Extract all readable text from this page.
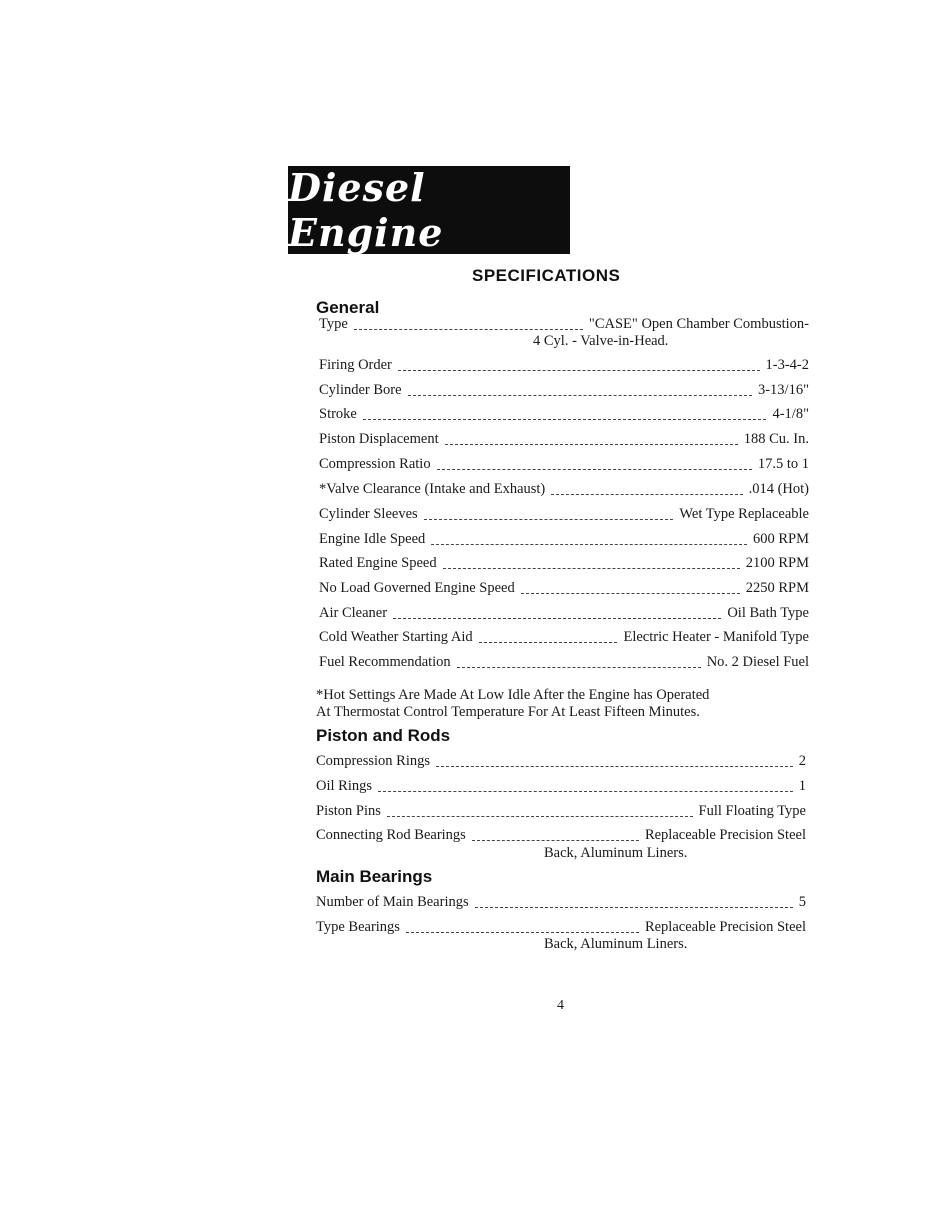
Diesel Engine
SPECIFICATIONS
General
Type	"CASE" Open Chamber Combustion-
4 Cyl. - Valve-in-Head.
Firing Order	1-3-4-2
Cylinder Bore	3-13/16"
Stroke	4-1/8"
Piston Displacement	188 Cu. In.
Compression Ratio	17.5 to 1
*Valve Clearance (Intake and Exhaust)	.014 (Hot)
Cylinder Sleeves	Wet Type Replaceable
Engine Idle Speed	600 RPM
Rated Engine Speed	2100 RPM
No Load Governed Engine Speed	2250 RPM
Air Cleaner	Oil Bath Type
Cold Weather Starting Aid	Electric Heater - Manifold Type
Fuel Recommendation	No. 2 Diesel Fuel
*Hot Settings Are Made At Low Idle After the Engine has Operated
At Thermostat Control Temperature For At Least Fifteen Minutes.
Piston and Rods
Compression Rings	2
Oil Rings	1
Piston Pins	Full Floating Type
Connecting Rod Bearings	Replaceable Precision Steel
Back, Aluminum Liners.
Main Bearings
Number of Main Bearings	5
Type Bearings	Replaceable Precision Steel
Back, Aluminum Liners.
4
